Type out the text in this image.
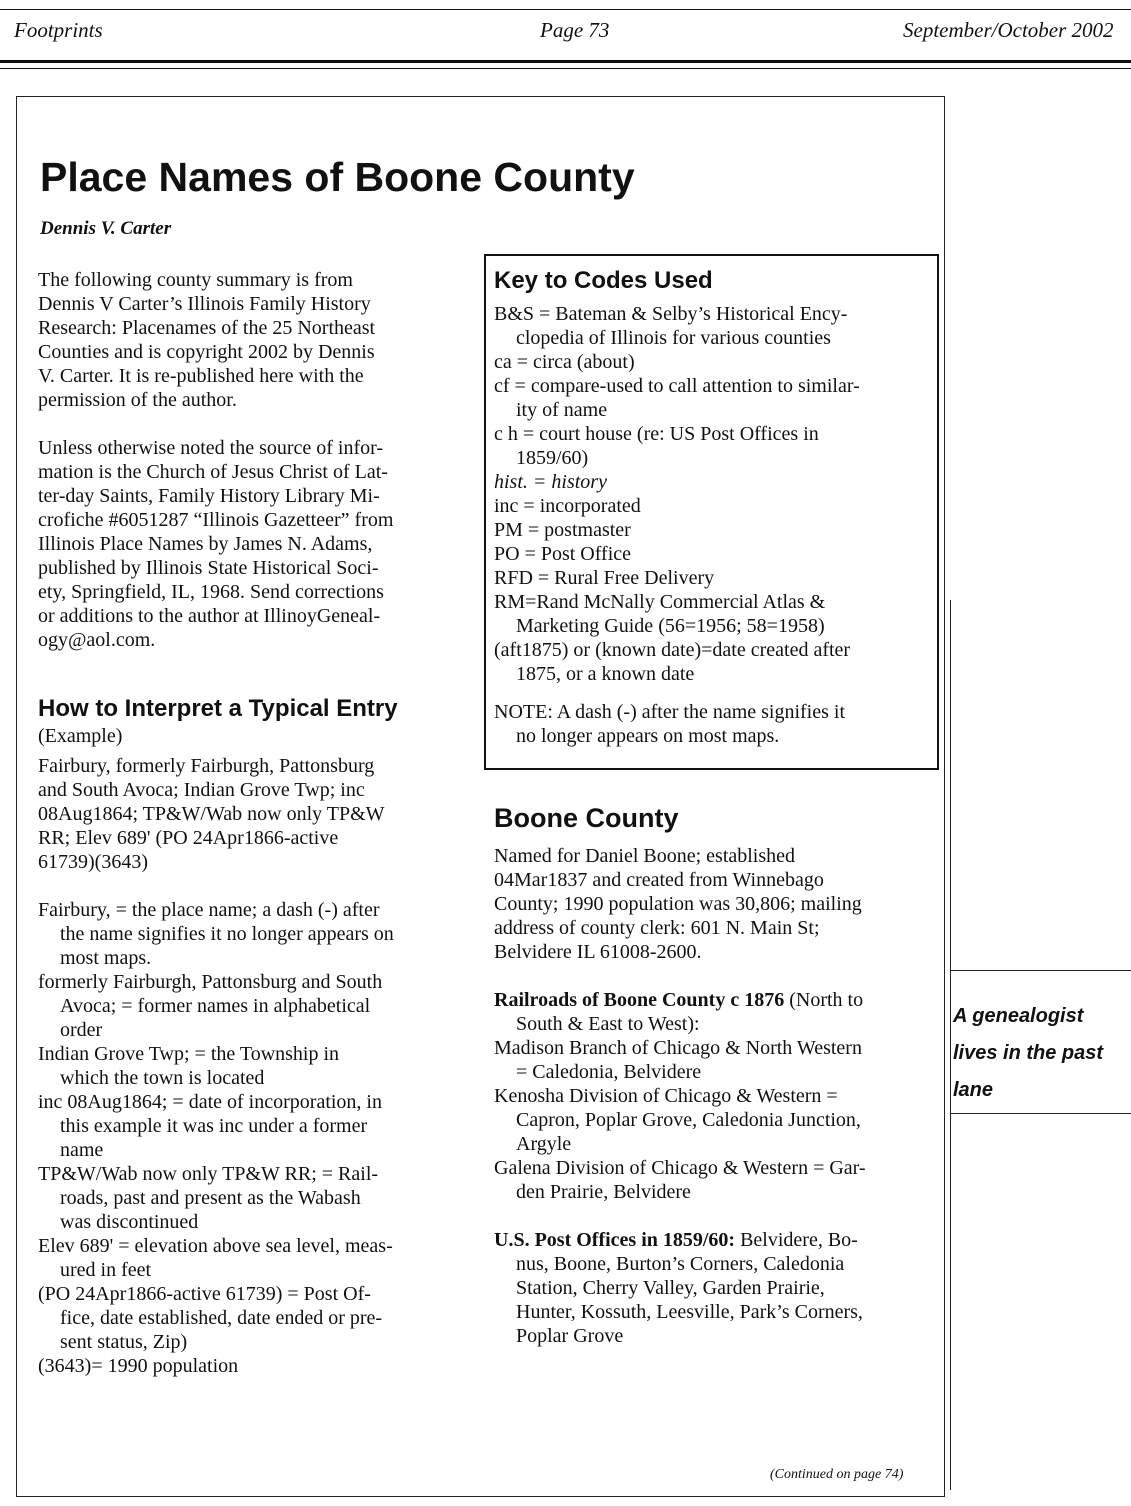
Footprints	Page 73	September/October 2002
Place Names of Boone County
Dennis V. Carter

The following county summary is from

Dennis V Carter’s Illinois Family History

Research: Placenames of the 25 Northeast

Counties and is copyright 2002 by Dennis

V. Carter. It is re-published here with the

permission of the author.

Unless otherwise noted the source of infor-

mation is the Church of Jesus Christ of Lat-

ter-day Saints, Family History Library Mi-

crofiche #6051287 “Illinois Gazetteer” from

Illinois Place Names by James N. Adams,

published by Illinois State Historical Soci-

ety, Springfield, IL, 1968. Send corrections

or additions to the author at IllinoyGeneal-

ogy@aol.com.

How to Interpret a Typical Entry

(Example)

Fairbury, formerly Fairburgh, Pattonsburg

and South Avoca; Indian Grove Twp; inc

08Aug1864; TP&W/Wab now only TP&W

RR; Elev 689' (PO 24Apr1866-active

61739)(3643)

Fairbury, = the place name; a dash (-) after

the name signifies it no longer appears on

most maps.

formerly Fairburgh, Pattonsburg and South

Avoca; = former names in alphabetical

order

Indian Grove Twp; = the Township in

which the town is located

inc 08Aug1864; = date of incorporation, in

this example it was inc under a former

name

TP&W/Wab now only TP&W RR; = Rail-

roads, past and present as the Wabash

was discontinued

Elev 689' = elevation above sea level, meas-

ured in feet

(PO 24Apr1866-active 61739) = Post Of-

fice, date established, date ended or pre-

sent status, Zip)

(3643)= 1990 population

Key to Codes Used

B&S = Bateman & Selby’s Historical Ency-

clopedia of Illinois for various counties

ca = circa (about)

cf = compare-used to call attention to similar-

ity of name

c h = court house (re: US Post Offices in

1859/60)

hist. = history

inc = incorporated

PM = postmaster

PO = Post Office

RFD = Rural Free Delivery

RM=Rand McNally Commercial Atlas &

Marketing Guide (56=1956; 58=1958)

(aft1875) or (known date)=date created after

1875, or a known date

NOTE: A dash (-) after the name signifies it

no longer appears on most maps.

Boone County

Named for Daniel Boone; established

04Mar1837 and created from Winnebago

County; 1990 population was 30,806; mailing

address of county clerk: 601 N. Main St;

Belvidere IL 61008-2600.

Railroads of Boone County c 1876 (North to

South & East to West):

Madison Branch of Chicago & North Western

= Caledonia, Belvidere

Kenosha Division of Chicago & Western =

Capron, Poplar Grove, Caledonia Junction,

Argyle

Galena Division of Chicago & Western = Gar-

den Prairie, Belvidere

U.S. Post Offices in 1859/60: Belvidere, Bo-

nus, Boone, Burton’s Corners, Caledonia

Station, Cherry Valley, Garden Prairie,

Hunter, Kossuth, Leesville, Park’s Corners,

Poplar Grove

(Continued on page 74)
A genealogist
lives in the past
lane
